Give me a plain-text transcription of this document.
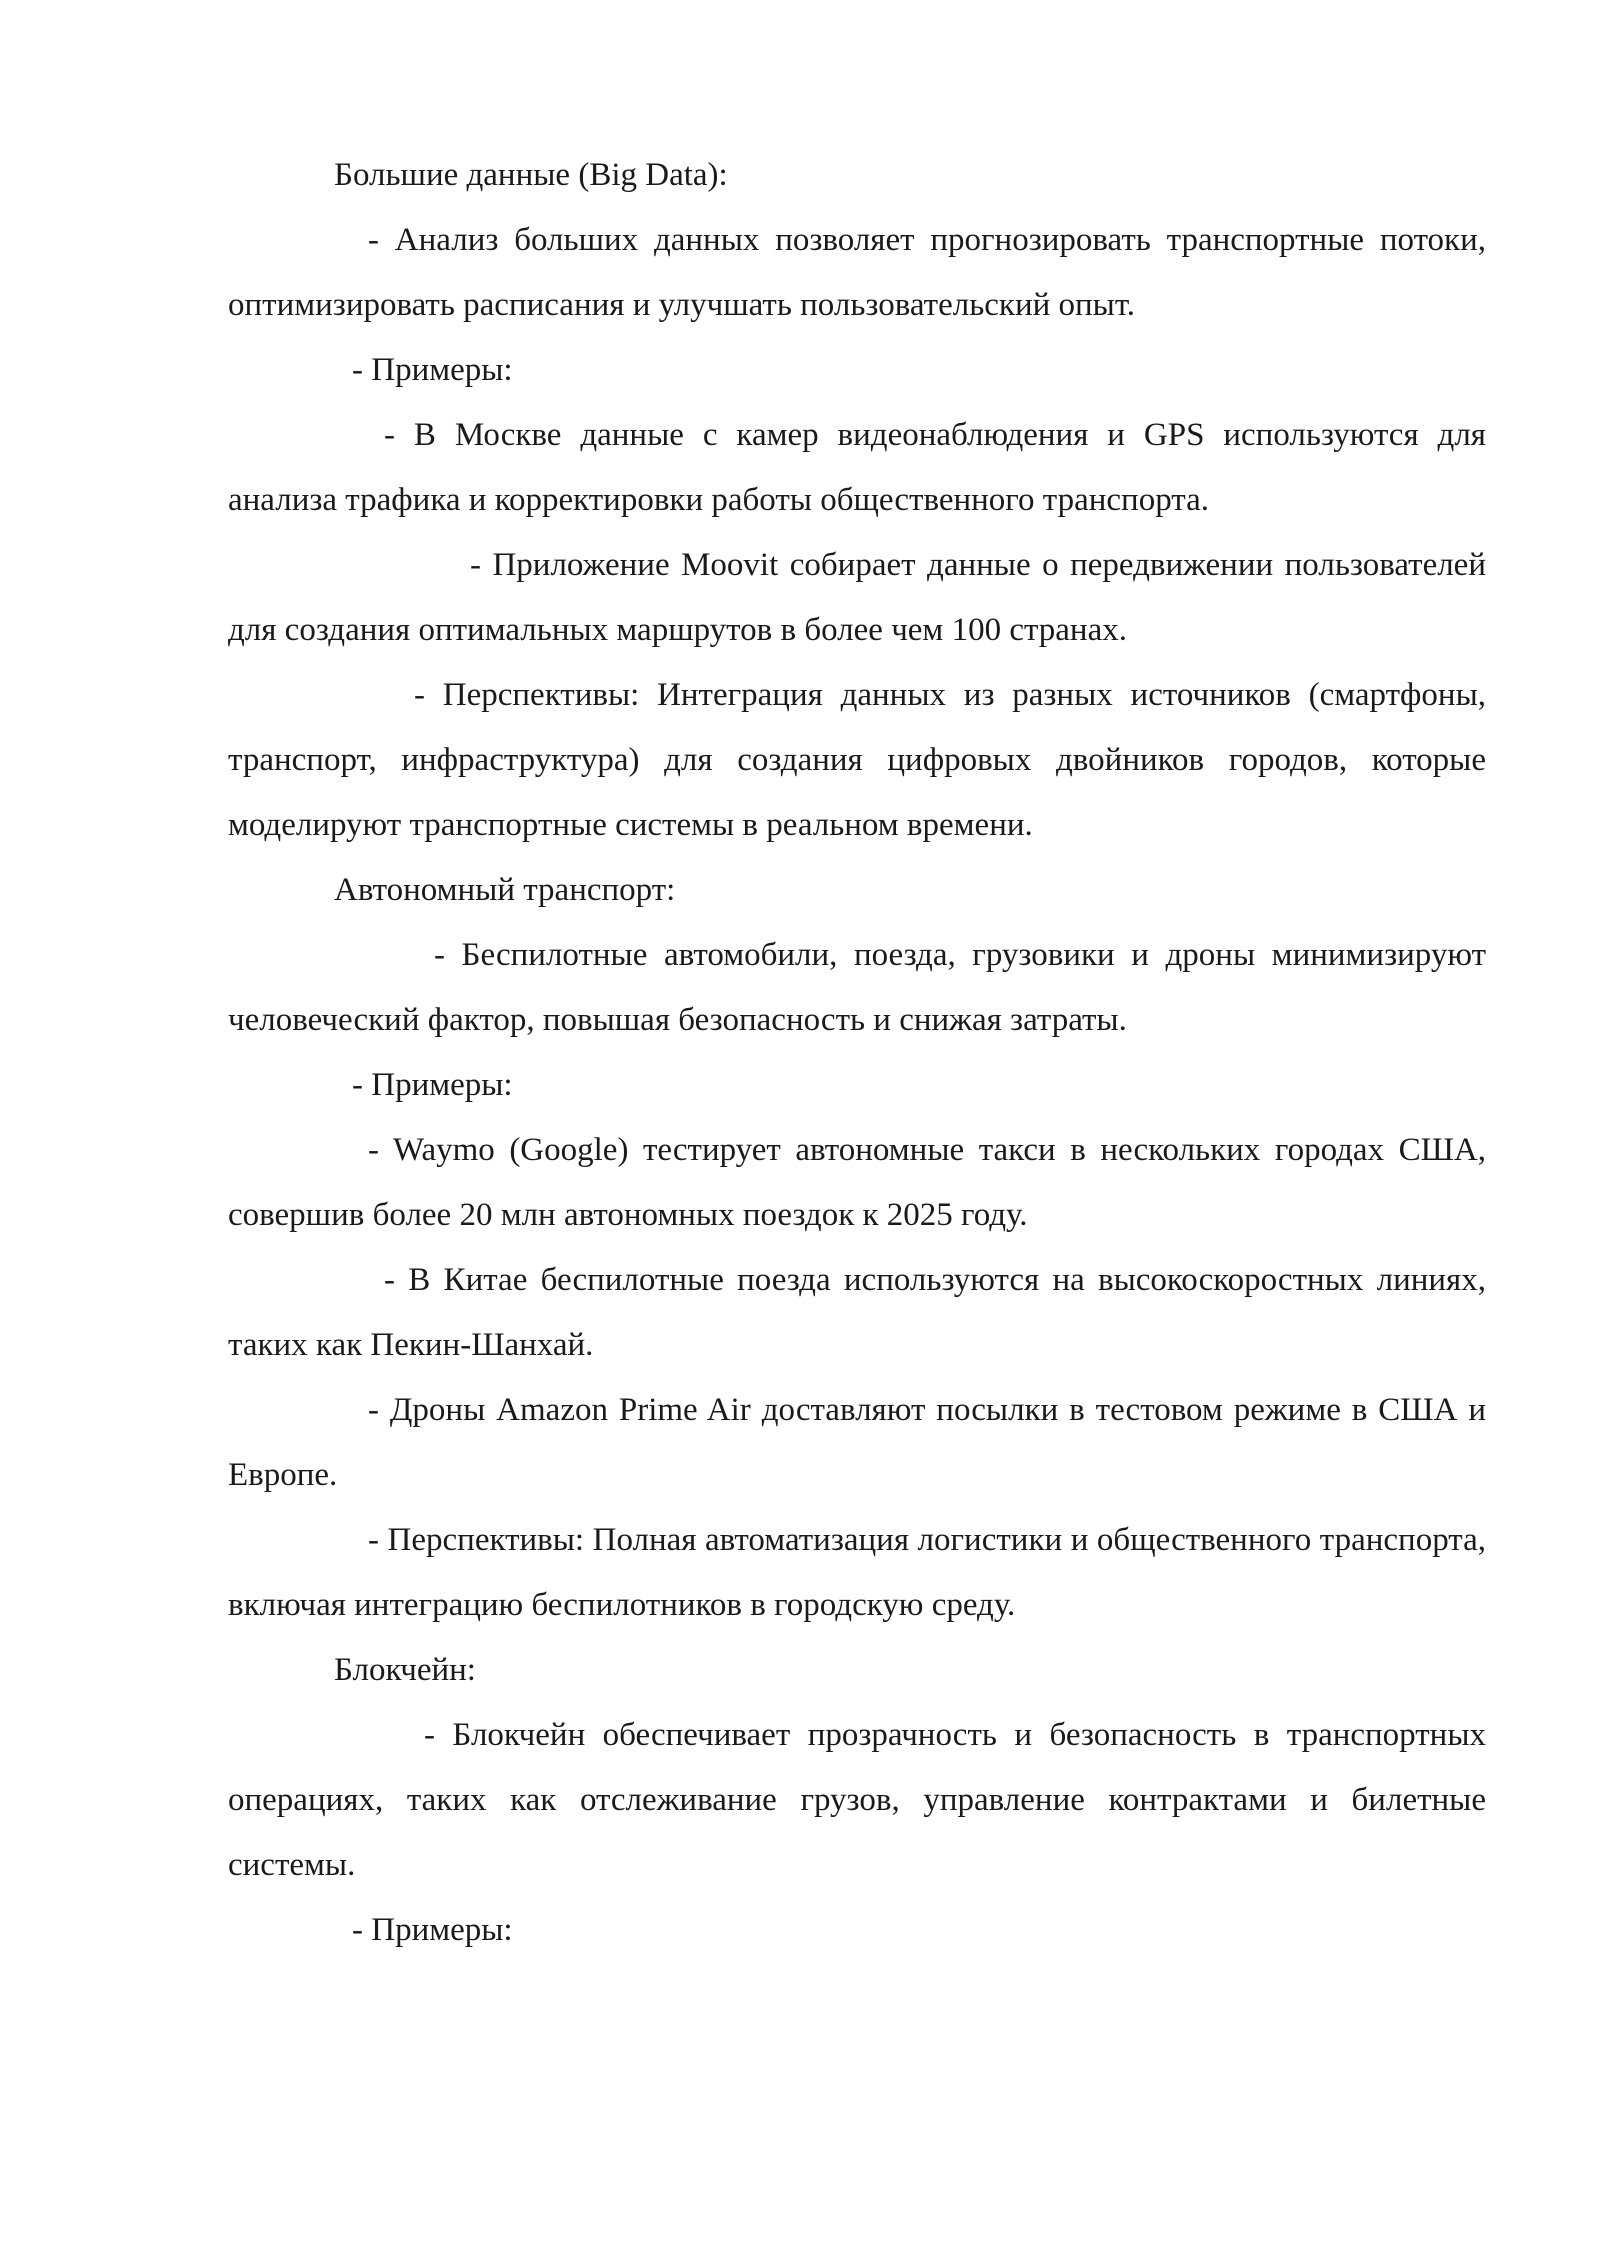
Большие данные (Big Data):

- Анализ больших данных позволяет прогнозировать транспортные потоки, оптимизировать расписания и улучшать пользовательский опыт.

- Примеры:

- В Москве данные с камер видеонаблюдения и GPS используются для анализа трафика и корректировки работы общественного транспорта.

- Приложение Moovit собирает данные о передвижении пользователей для создания оптимальных маршрутов в более чем 100 странах.

- Перспективы: Интеграция данных из разных источников (смартфоны, транспорт, инфраструктура) для создания цифровых двойников городов, которые моделируют транспортные системы в реальном времени.

Автономный транспорт:

- Беспилотные автомобили, поезда, грузовики и дроны минимизируют человеческий фактор, повышая безопасность и снижая затраты.

- Примеры:

- Waymo (Google) тестирует автономные такси в нескольких городах США, совершив более 20 млн автономных поездок к 2025 году.

- В Китае беспилотные поезда используются на высокоскоростных линиях, таких как Пекин-Шанхай.

- Дроны Amazon Prime Air доставляют посылки в тестовом режиме в США и Европе.

- Перспективы: Полная автоматизация логистики и общественного транспорта, включая интеграцию беспилотников в городскую среду.

Блокчейн:

- Блокчейн обеспечивает прозрачность и безопасность в транспортных операциях, таких как отслеживание грузов, управление контрактами и билетные системы.

- Примеры:
